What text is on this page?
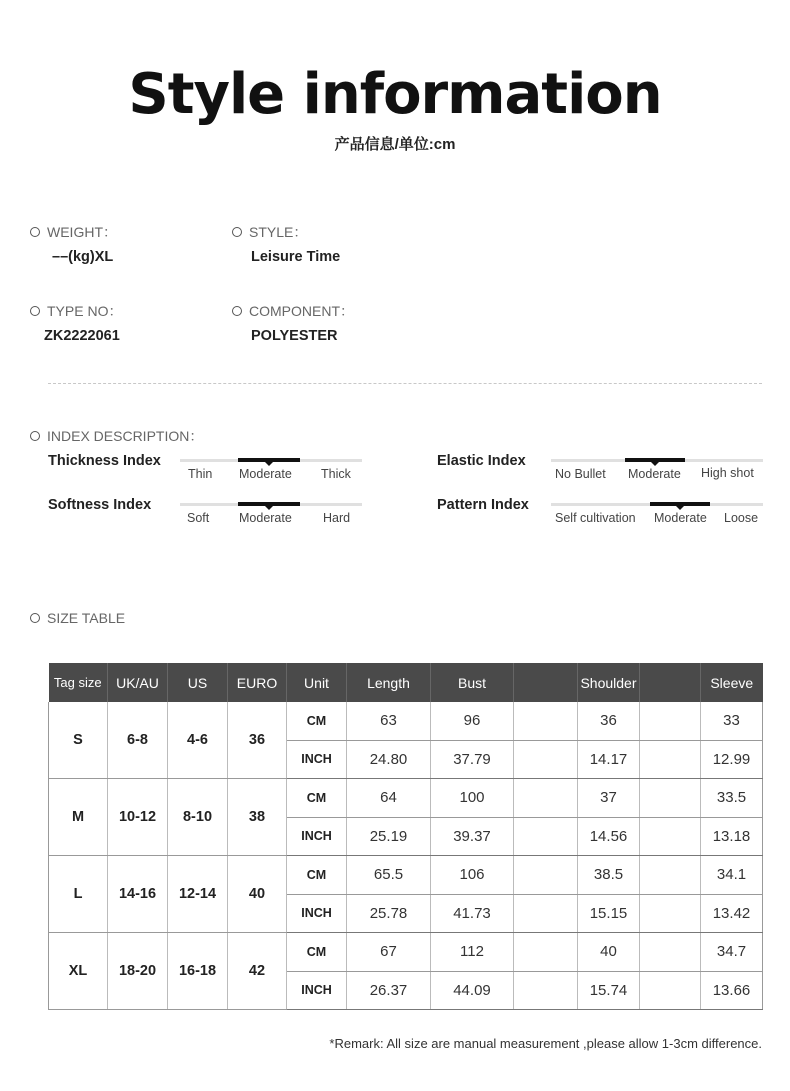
Style information
产品信息/单位:cm
WEIGHT：
––(kg)XL
STYLE：
Leisure Time
TYPE NO：
ZK2222061
COMPONENT：
POLYESTER
INDEX DESCRIPTION：
Thickness Index
Thin Moderate Thick
Elastic Index
No Bullet Moderate High shot
Softness Index
Soft Moderate Hard
Pattern Index
Self cultivation Moderate Loose
SIZE TABLE
Tag size	UK/AU	US	EURO	Unit	Length	Bust		Shoulder		Sleeve
S	6-8	4-6	36	CM	63	96		36		33
				INCH	24.80	37.79		14.17		12.99
M	10-12	8-10	38	CM	64	100		37		33.5
				INCH	25.19	39.37		14.56		13.18
L	14-16	12-14	40	CM	65.5	106		38.5		34.1
				INCH	25.78	41.73		15.15		13.42
XL	18-20	16-18	42	CM	67	112		40		34.7
				INCH	26.37	44.09		15.74		13.66
*Remark: All size are manual measurement ,please allow 1-3cm difference.
